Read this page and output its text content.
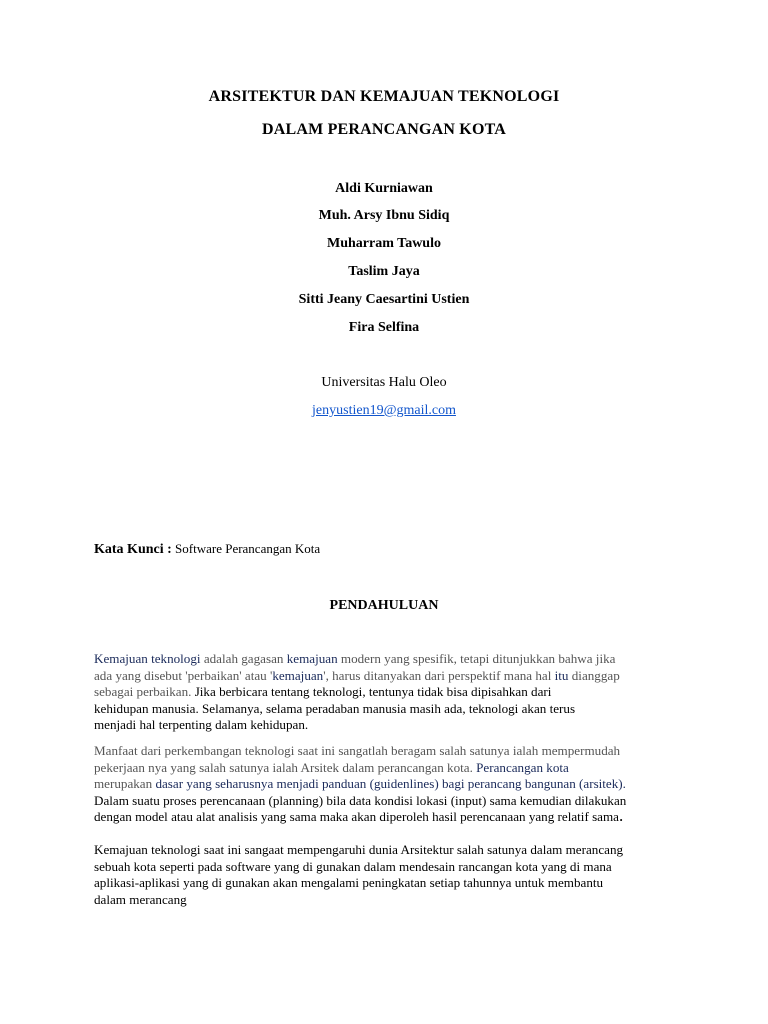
ARSITEKTUR DAN KEMAJUAN TEKNOLOGI
DALAM PERANCANGAN KOTA
Aldi Kurniawan
Muh. Arsy Ibnu Sidiq
Muharram Tawulo
Taslim Jaya
Sitti Jeany Caesartini Ustien
Fira Selfina
Universitas Halu Oleo
jenyustien19@gmail.com
Kata Kunci : Software Perancangan Kota
PENDAHULUAN
Kemajuan teknologi adalah gagasan kemajuan modern yang spesifik, tetapi ditunjukkan bahwa jika
ada yang disebut 'perbaikan' atau 'kemajuan', harus ditanyakan dari perspektif mana hal itu dianggap
sebagai perbaikan. Jika berbicara tentang teknologi, tentunya tidak bisa dipisahkan dari
kehidupan manusia. Selamanya, selama peradaban manusia masih ada, teknologi akan terus
menjadi hal terpenting dalam kehidupan.
Manfaat dari perkembangan teknologi saat ini sangatlah beragam salah satunya ialah mempermudah
pekerjaan nya yang salah satunya ialah Arsitek dalam perancangan kota. Perancangan kota
merupakan dasar yang seharusnya menjadi panduan (guidenlines) bagi perancang bangunan (arsitek).
Dalam suatu proses perencanaan (planning) bila data kondisi lokasi (input) sama kemudian dilakukan
dengan model atau alat analisis yang sama maka akan diperoleh hasil perencanaan yang relatif sama.
Kemajuan teknologi saat ini sangaat mempengaruhi dunia Arsitektur salah satunya dalam merancang
sebuah kota seperti pada software yang di gunakan dalam mendesain rancangan kota yang di mana
aplikasi-aplikasi yang di gunakan akan mengalami peningkatan setiap tahunnya untuk membantu
dalam merancang
